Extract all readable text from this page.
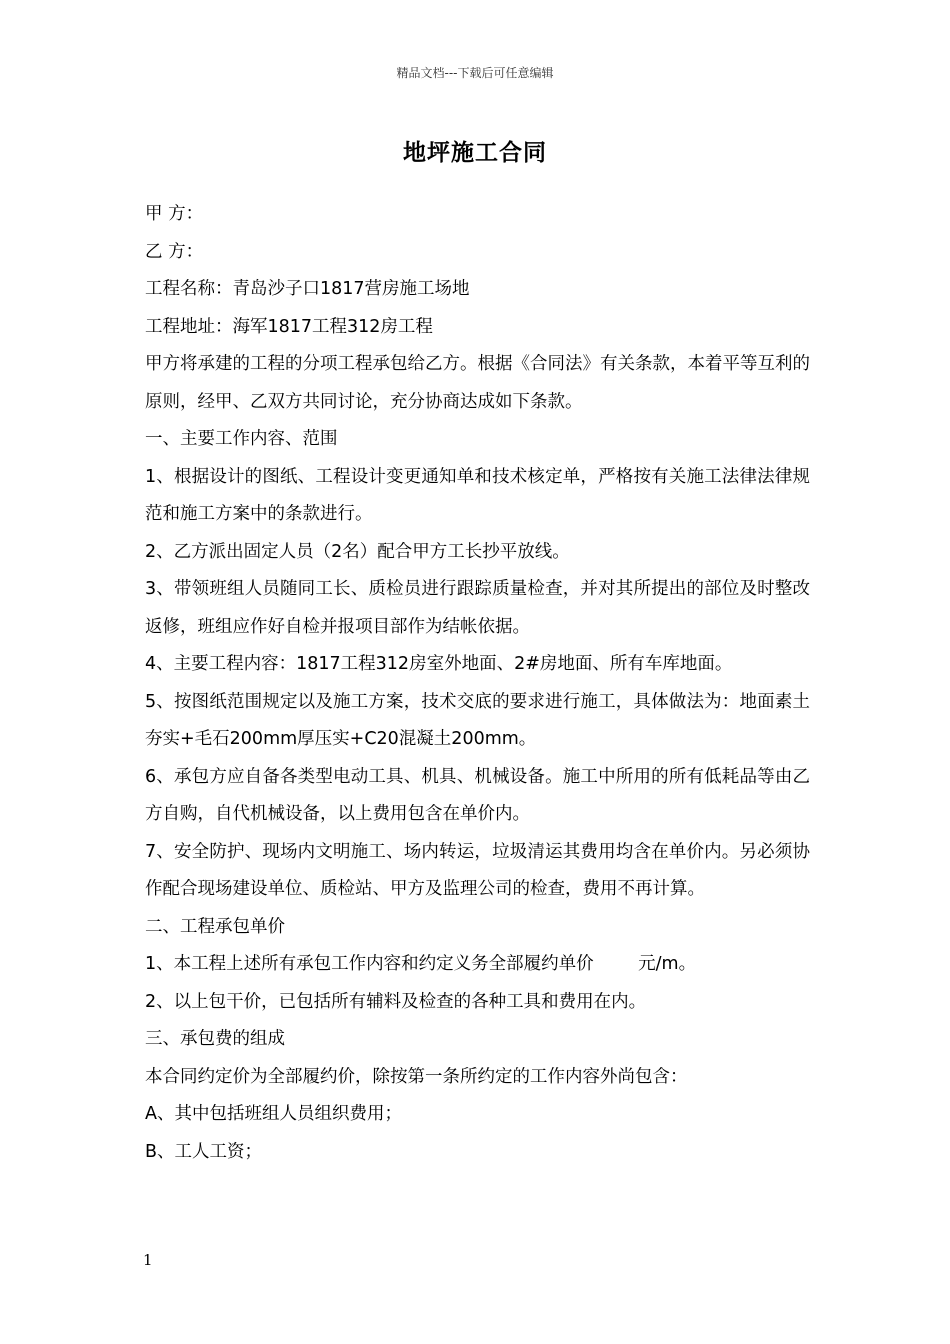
精品文档---下载后可任意编辑
地坪施工合同
甲 方：
乙 方：
工程名称：青岛沙子口1817营房施工场地
工程地址：海军1817工程312房工程
甲方将承建的工程的分项工程承包给乙方。根据《合同法》有关条款，本着平等互利的原则，经甲、乙双方共同讨论，充分协商达成如下条款。
一、主要工作内容、范围
1、根据设计的图纸、工程设计变更通知单和技术核定单，严格按有关施工法律法律规范和施工方案中的条款进行。
2、乙方派出固定人员（2名）配合甲方工长抄平放线。
3、带领班组人员随同工长、质检员进行跟踪质量检查，并对其所提出的部位及时整改返修，班组应作好自检并报项目部作为结帐依据。
4、主要工程内容：1817工程312房室外地面、2#房地面、所有车库地面。
5、按图纸范围规定以及施工方案，技术交底的要求进行施工，具体做法为：地面素土夯实+毛石200mm厚压实+C20混凝土200mm。
6、承包方应自备各类型电动工具、机具、机械设备。施工中所用的所有低耗品等由乙方自购，自代机械设备，以上费用包含在单价内。
7、安全防护、现场内文明施工、场内转运，垃圾清运其费用均含在单价内。另必须协作配合现场建设单位、质检站、甲方及监理公司的检查，费用不再计算。
二、工程承包单价
1、本工程上述所有承包工作内容和约定义务全部履约单价        元/m。
2、以上包干价，已包括所有辅料及检查的各种工具和费用在内。
三、承包费的组成
本合同约定价为全部履约价，除按第一条所约定的工作内容外尚包含：
A、其中包括班组人员组织费用；
B、工人工资；
1
